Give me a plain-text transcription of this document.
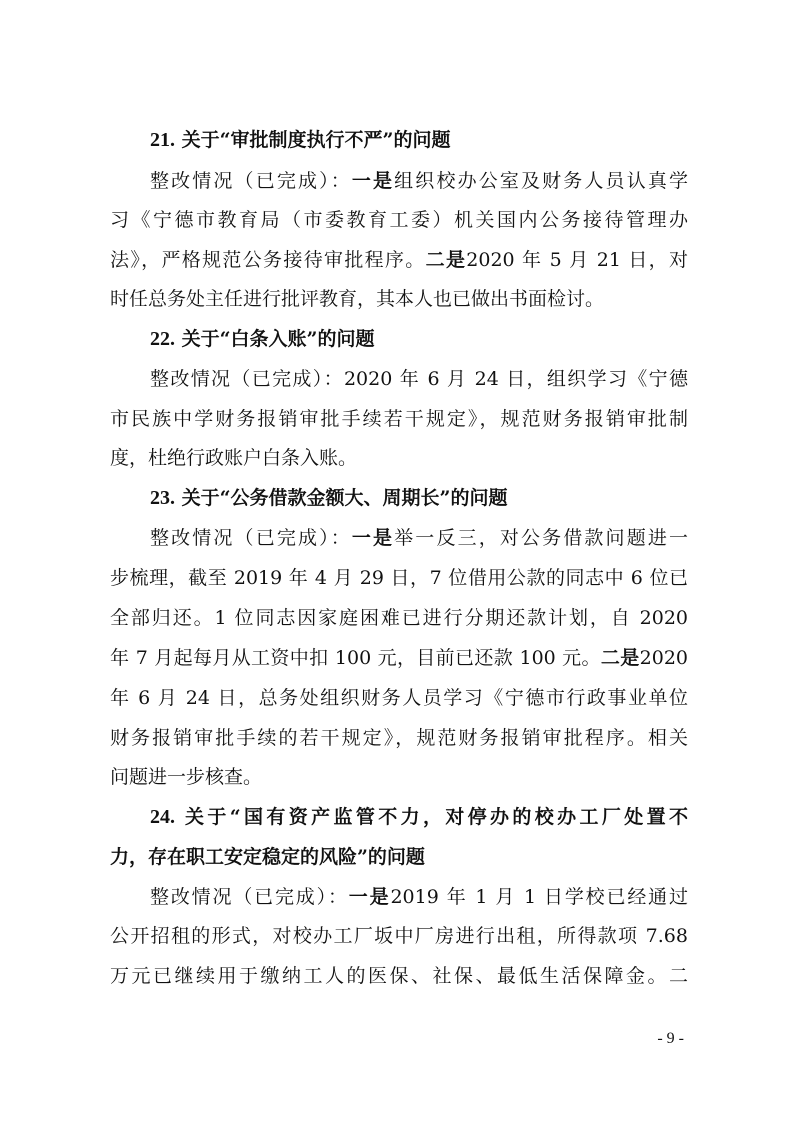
21. 关于“审批制度执行不严”的问题
整改情况（已完成）：一是组织校办公室及财务人员认真学
习《宁德市教育局（市委教育工委）机关国内公务接待管理办
法》，严格规范公务接待审批程序。二是2020 年 5 月 21 日，对
时任总务处主任进行批评教育，其本人也已做出书面检讨。
22. 关于“白条入账”的问题
整改情况（已完成）：2020 年 6 月 24 日，组织学习《宁德
市民族中学财务报销审批手续若干规定》，规范财务报销审批制
度，杜绝行政账户白条入账。
23. 关于“公务借款金额大、周期长”的问题
整改情况（已完成）：一是举一反三，对公务借款问题进一
步梳理，截至 2019 年 4 月 29 日，7 位借用公款的同志中 6 位已
全部归还。1 位同志因家庭困难已进行分期还款计划，自 2020
年 7 月起每月从工资中扣 100 元，目前已还款 100 元。二是2020
年 6 月 24 日，总务处组织财务人员学习《宁德市行政事业单位
财务报销审批手续的若干规定》，规范财务报销审批程序。相关
问题进一步核查。
24. 关于“国有资产监管不力，对停办的校办工厂处置不
力，存在职工安定稳定的风险”的问题
整改情况（已完成）：一是2019 年 1 月 1 日学校已经通过
公开招租的形式，对校办工厂坂中厂房进行出租，所得款项 7.68
万元已继续用于缴纳工人的医保、社保、最低生活保障金。二
- 9 -
